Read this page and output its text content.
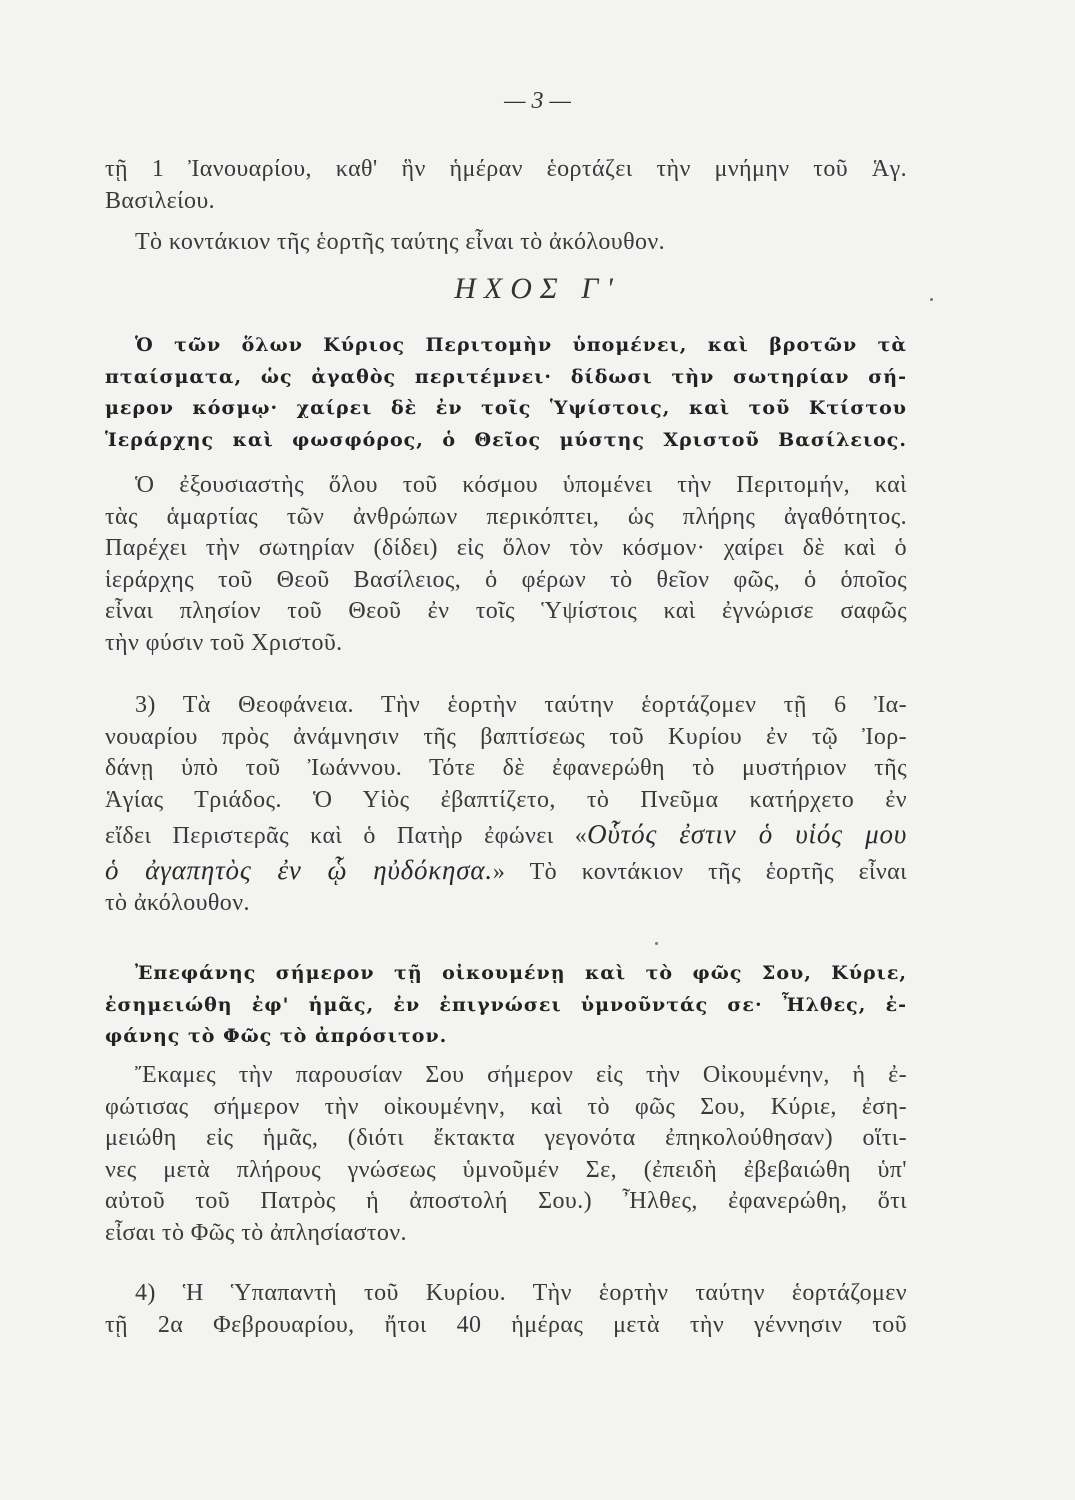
— 3 —
τῇ 1 Ἰανουαρίου, καθ' ἣν ἡμέραν ἑορτάζει τὴν μνήμην τοῦ Ἁγ.
Βασιλείου.
Τὸ κοντάκιον τῆς ἑορτῆς ταύτης εἶναι τὸ ἀκόλουθον.
ΗΧΟΣ Γ'
Ὁ τῶν ὅλων Κύριος Περιτομὴν ὑπομένει, καὶ βροτῶν τὰ
πταίσματα, ὡς ἀγαθὸς περιτέμνει· δίδωσι τὴν σωτηρίαν σή-
μερον κόσμῳ· χαίρει δὲ ἐν τοῖς Ὑψίστοις, καὶ τοῦ Κτίστου
Ἱεράρχης καὶ φωσφόρος, ὁ Θεῖος μύστης Χριστοῦ Βασίλειος.
Ὁ ἐξουσιαστὴς ὅλου τοῦ κόσμου ὑπομένει τὴν Περιτομήν, καὶ
τὰς ἁμαρτίας τῶν ἀνθρώπων περικόπτει, ὡς πλήρης ἀγαθότητος.
Παρέχει τὴν σωτηρίαν (δίδει) εἰς ὅλον τὸν κόσμον· χαίρει δὲ καὶ ὁ
ἱεράρχης τοῦ Θεοῦ Βασίλειος, ὁ φέρων τὸ θεῖον φῶς, ὁ ὁποῖος
εἶναι πλησίον τοῦ Θεοῦ ἐν τοῖς Ὑψίστοις καὶ ἐγνώρισε σαφῶς
τὴν φύσιν τοῦ Χριστοῦ.
3) Τὰ Θεοφάνεια. Τὴν ἑορτὴν ταύτην ἑορτάζομεν τῇ 6 Ἰα-
νουαρίου πρὸς ἀνάμνησιν τῆς βαπτίσεως τοῦ Κυρίου ἐν τῷ Ἰορ-
δάνῃ ὑπὸ τοῦ Ἰωάννου. Τότε δὲ ἐφανερώθη τὸ μυστήριον τῆς
Ἁγίας Τριάδος. Ὁ Υἱὸς ἐβαπτίζετο, τὸ Πνεῦμα κατήρχετο ἐν
εἴδει Περιστερᾶς καὶ ὁ Πατὴρ ἐφώνει «Οὗτός ἐστιν ὁ υἱός μου
ὁ ἀγαπητὸς ἐν ᾧ ηὐδόκησα.» Τὸ κοντάκιον τῆς ἑορτῆς εἶναι
τὸ ἀκόλουθον.
Ἐπεφάνης σήμερον τῇ οἰκουμένῃ καὶ τὸ φῶς Σου, Κύριε,
ἐσημειώθη ἐφ' ἡμᾶς, ἐν ἐπιγνώσει ὑμνοῦντάς σε· Ἦλθες, ἐ-
φάνης τὸ Φῶς τὸ ἀπρόσιτον.
Ἔκαμες τὴν παρουσίαν Σου σήμερον εἰς τὴν Οἰκουμένην, ἡ ἐ-
φώτισας σήμερον τὴν οἰκουμένην, καὶ τὸ φῶς Σου, Κύριε, ἐση-
μειώθη εἰς ἡμᾶς, (διότι ἔκτακτα γεγονότα ἐπηκολούθησαν) οἵτι-
νες μετὰ πλήρους γνώσεως ὑμνοῦμέν Σε, (ἐπειδὴ ἐβεβαιώθη ὑπ'
αὐτοῦ τοῦ Πατρὸς ἡ ἀποστολή Σου.) Ἦλθες, ἐφανερώθη, ὅτι
εἶσαι τὸ Φῶς τὸ ἀπλησίαστον.
4) Ἡ Ὑπαπαντὴ τοῦ Κυρίου. Τὴν ἑορτὴν ταύτην ἑορτάζομεν
τῇ 2α Φεβρουαρίου, ἤτοι 40 ἡμέρας μετὰ τὴν γέννησιν τοῦ
